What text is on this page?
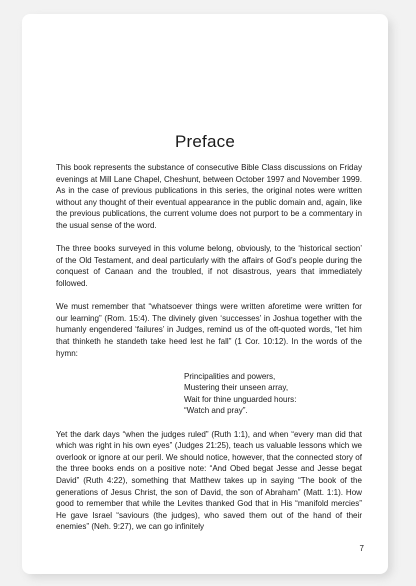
Preface

This book represents the substance of consecutive Bible Class discussions on Friday evenings at Mill Lane Chapel, Cheshunt, between October 1997 and November 1999. As in the case of previous publications in this series, the original notes were written without any thought of their eventual appearance in the public domain and, again, like the previous publications, the current volume does not purport to be a commentary in the usual sense of the word.

The three books surveyed in this volume belong, obviously, to the ‘historical section’ of the Old Testament, and deal particularly with the affairs of God’s people during the conquest of Canaan and the troubled, if not disastrous, years that immediately followed.

We must remember that “whatsoever things were written aforetime were written for our learning” (Rom. 15:4). The divinely given ‘successes’ in Joshua together with the humanly engendered ‘failures’ in Judges, remind us of the oft-quoted words, “let him that thinketh he standeth take heed lest he fall” (1 Cor. 10:12). In the words of the hymn:

Principalities and powers,
Mustering their unseen array,
Wait for thine unguarded hours:
“Watch and pray”.

Yet the dark days “when the judges ruled” (Ruth 1:1), and when “every man did that which was right in his own eyes” (Judges 21:25), teach us valuable lessons which we overlook or ignore at our peril. We should notice, however, that the connected story of the three books ends on a positive note: “And Obed begat Jesse and Jesse begat David” (Ruth 4:22), something that Matthew takes up in saying “The book of the generations of Jesus Christ, the son of David, the son of Abraham” (Matt. 1:1). How good to remember that while the Levites thanked God that in His “manifold mercies” He gave Israel “saviours (the judges), who saved them out of the hand of their enemies” (Neh. 9:27), we can go infinitely

7
